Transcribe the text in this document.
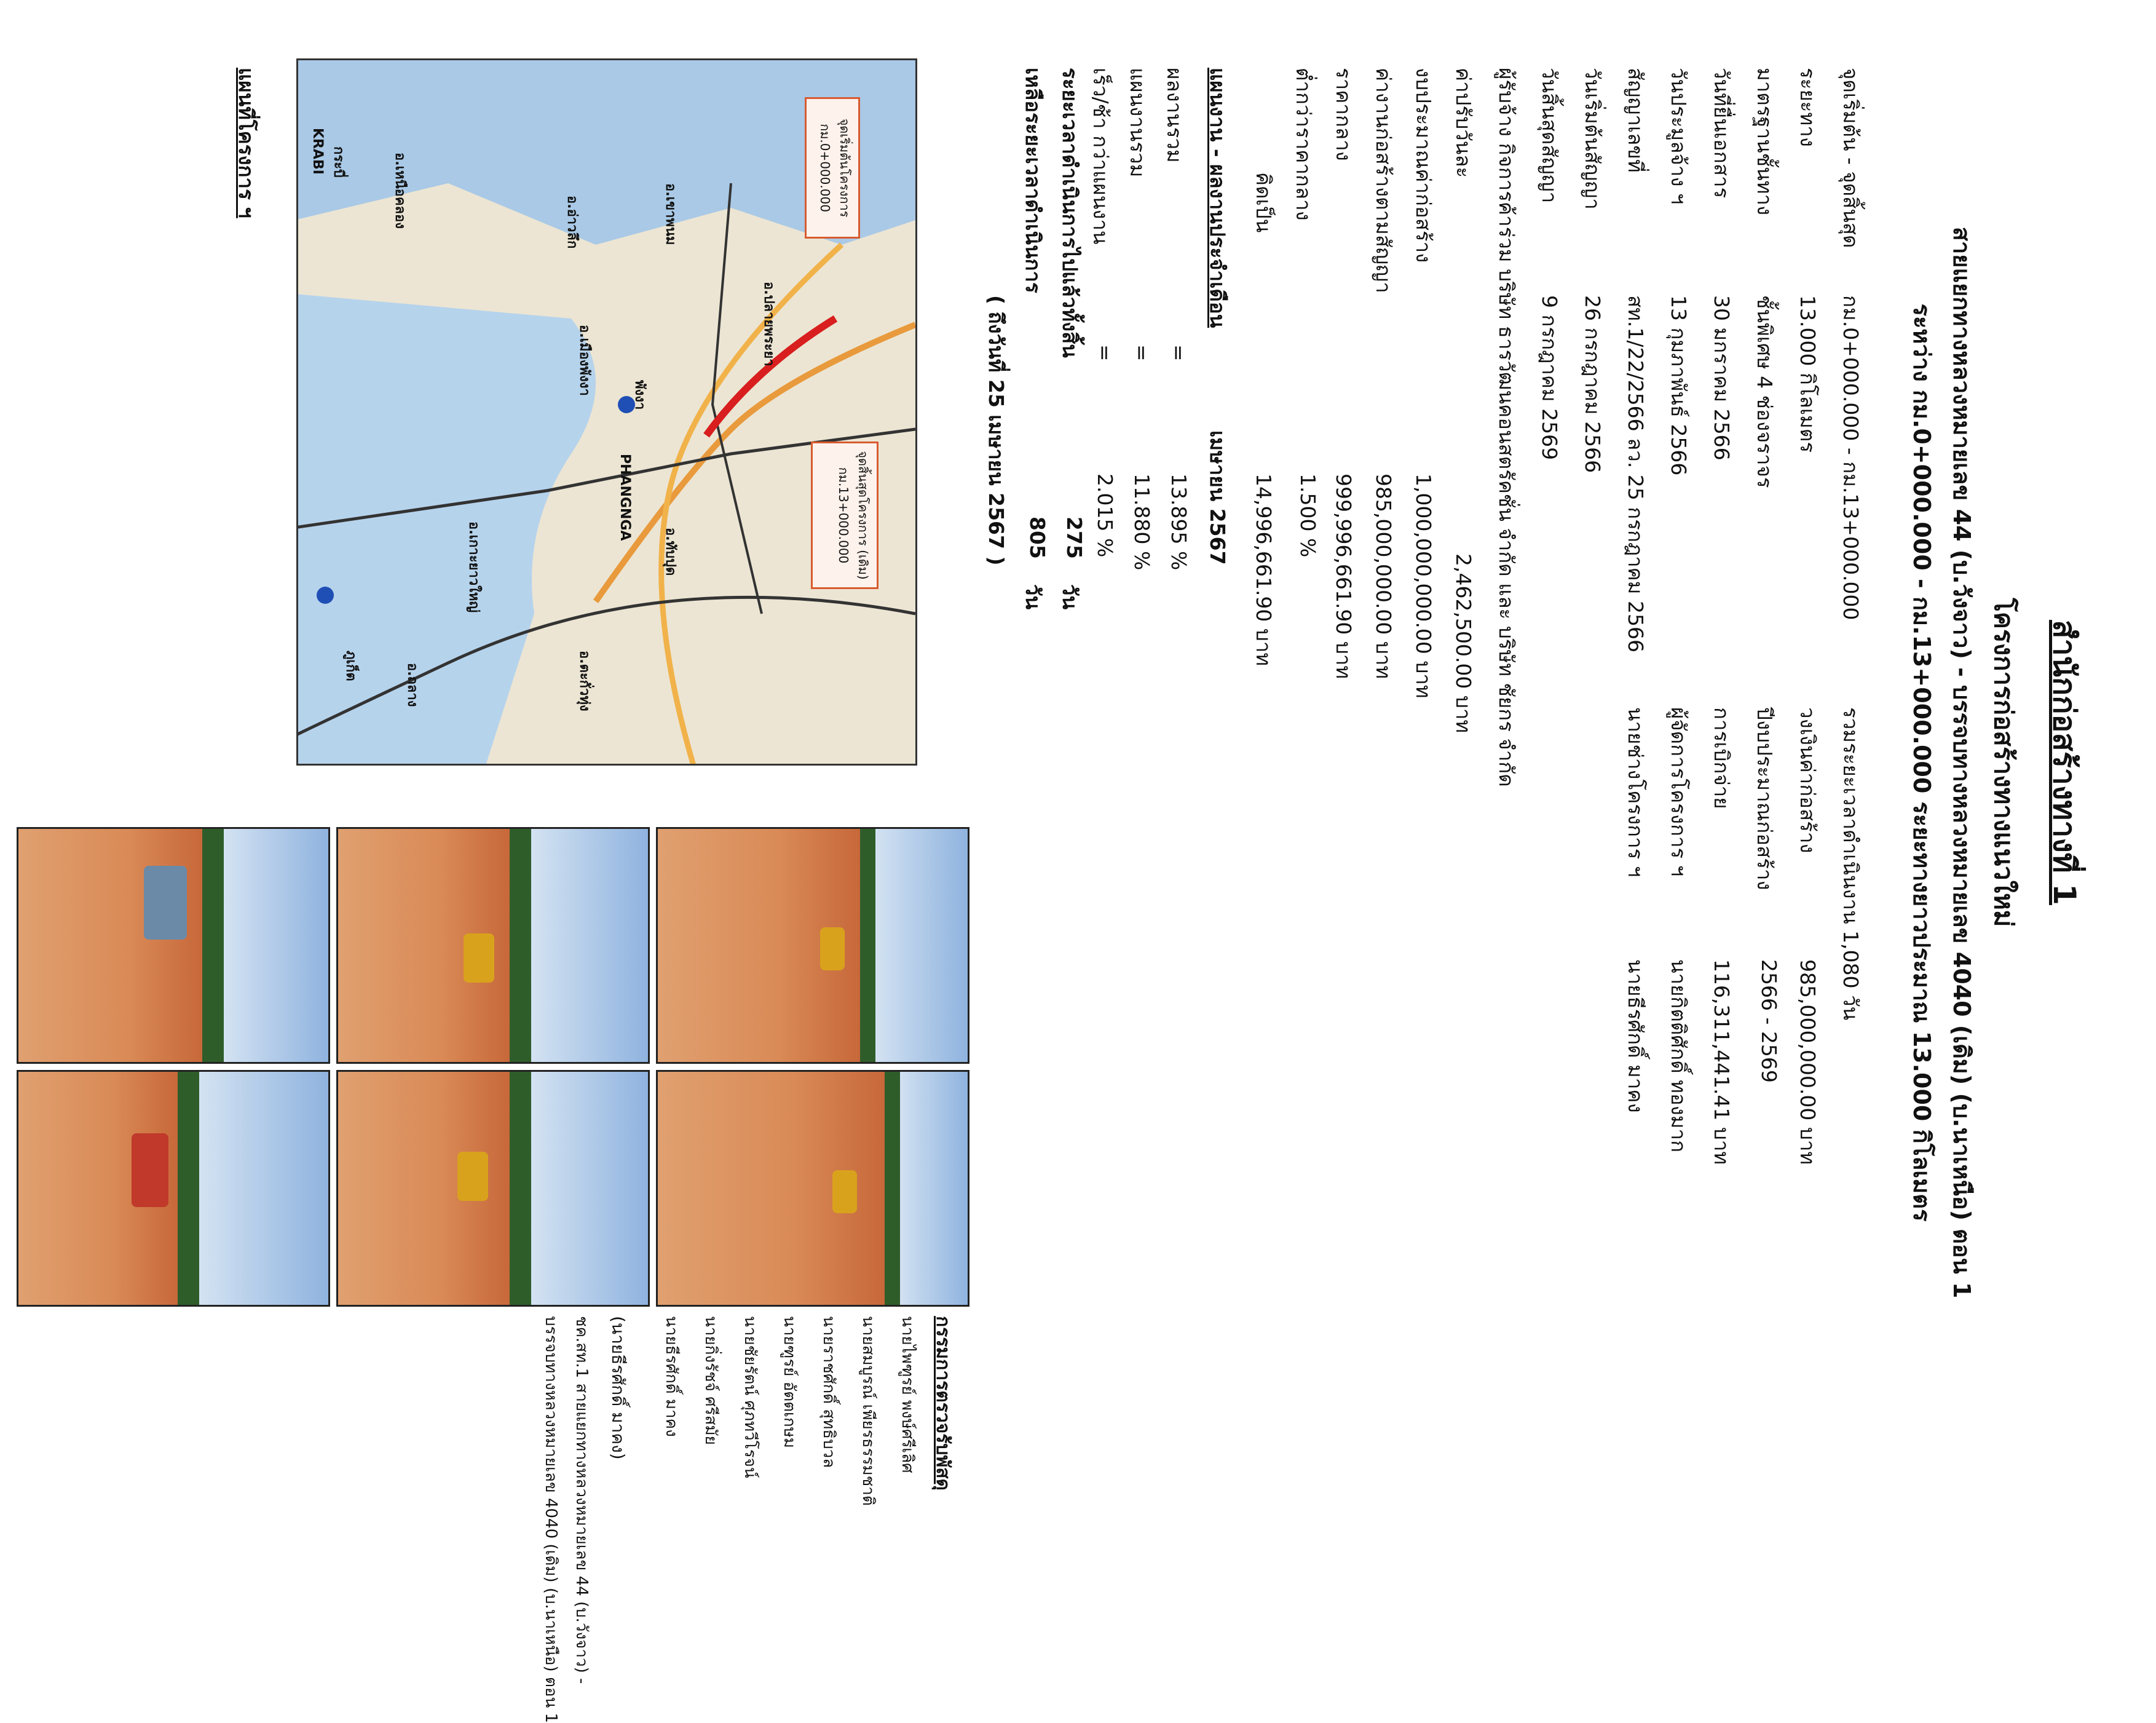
สำนักก่อสร้างทางที่ 1
โครงการก่อสร้างทางแนวใหม่
สายแยกทางหลวงหมายเลข 44 (บ.วังจาว) - บรรจบทางหลวงหมายเลข 4040 (เดิม) (บ.นาเหนือ) ตอน 1
ระหว่าง กม.0+000.000 - กม.13+000.000 ระยะทางยาวประมาณ 13.000 กิโลเมตร
จุดเริ่มต้น - จุดสิ้นสุด
กม.0+000.000 - กม.13+000.000
รวมระยะเวลาดำเนินงาน 1,080 วัน
ระยะทาง
13.000 กิโลเมตร
วงเงินค่าก่อสร้าง
985,000,000.00 บาท
มาตรฐานชั้นทาง
ชั้นพิเศษ 4 ช่องจราจร
ปีงบประมาณก่อสร้าง
2566 - 2569
วันที่ยื่นเอกสาร
30 มกราคม 2566
การเบิกจ่าย
116,311,441.41 บาท
วันประมูลจ้าง ฯ
13 กุมภาพันธ์ 2566
ผู้จัดการโครงการ ฯ
นายกิตติศักดิ์ ทองมาก
สัญญาเลขที่
สท.1/22/2566 ลว. 25 กรกฎาคม 2566
นายช่างโครงการ ฯ
นายธีรศักดิ์ มาคง
วันเริ่มต้นสัญญา
26 กรกฎาคม 2566
วันสิ้นสุดสัญญา
9 กรกฎาคม 2569
ผู้รับจ้าง กิจการค้าร่วม บริษัท ธารวัฒนคอนสตรัคชั่น จำกัด และ บริษัท ชัยกร จำกัด
ค่าปรับวันละ
2,462,500.00 บาท
งบประมาณค่าก่อสร้าง
1,000,000,000.00 บาท
ค่างานก่อสร้างตามสัญญา
985,000,000.00 บาท
ราคากลาง
999,996,661.90 บาท
ต่ำกว่าราคากลาง
1.500 %
คิดเป็น
14,996,661.90 บาท
แผนงาน - ผลงานประจำเดือน
เมษายน 2567
ผลงานรวม
=
13.895 %
แผนงานรวม
=
11.880 %
เร็ว/ช้า กว่าแผนงาน
=
2.015 %
ระยะเวลาดำเนินการไปแล้วทั้งสิ้น
275
วัน
เหลือระยะเวลาดำเนินการ
805
วัน
( ถึงวันที่ 25 เมษายน 2567 )
จุดเริ่มต้นโครงการ กม.0+000.000
จุดสิ้นสุดโครงการ (เดิม) กม.13+000.000
พังงา
PHANGNGA
อ.ทับปุด
อ.เมืองพังงา
อ.อ่าวลึก
อ.ปลายพระยา
อ.เขาพนม
อ.เหนือคลอง
กระบี่
KRABI
ภูเก็ต	อ.ตะกั่วทุ่ง
อ.เกาะยาวใหญ่
อ.ถลาง
แผนที่โครงการ ฯ
กรรมการตรวจรับพัสดุ
นายไพฑูรย์ พงษ์ศรีเลิศ
นายสมบูรณ์ เพียรธรรมชาติ
นายราชศักดิ์ สุทธิบวล
นายฑูรย์ อัตตเกษม
นายชัยรัตน์ ศุภทวีโรจน์
นายกิ่งรัชจ์ ศรีสมัย
นายธีรศักดิ์ มาคง
(นายธีรศักดิ์ มาคง)
ชค.สท.1 สายแยกทางหลวงหมายเลข 44 (บ.วังจาว) -
บรรจบทางหลวงหมายเลข 4040 (เดิม) (บ.นาเหนือ) ตอน 1
